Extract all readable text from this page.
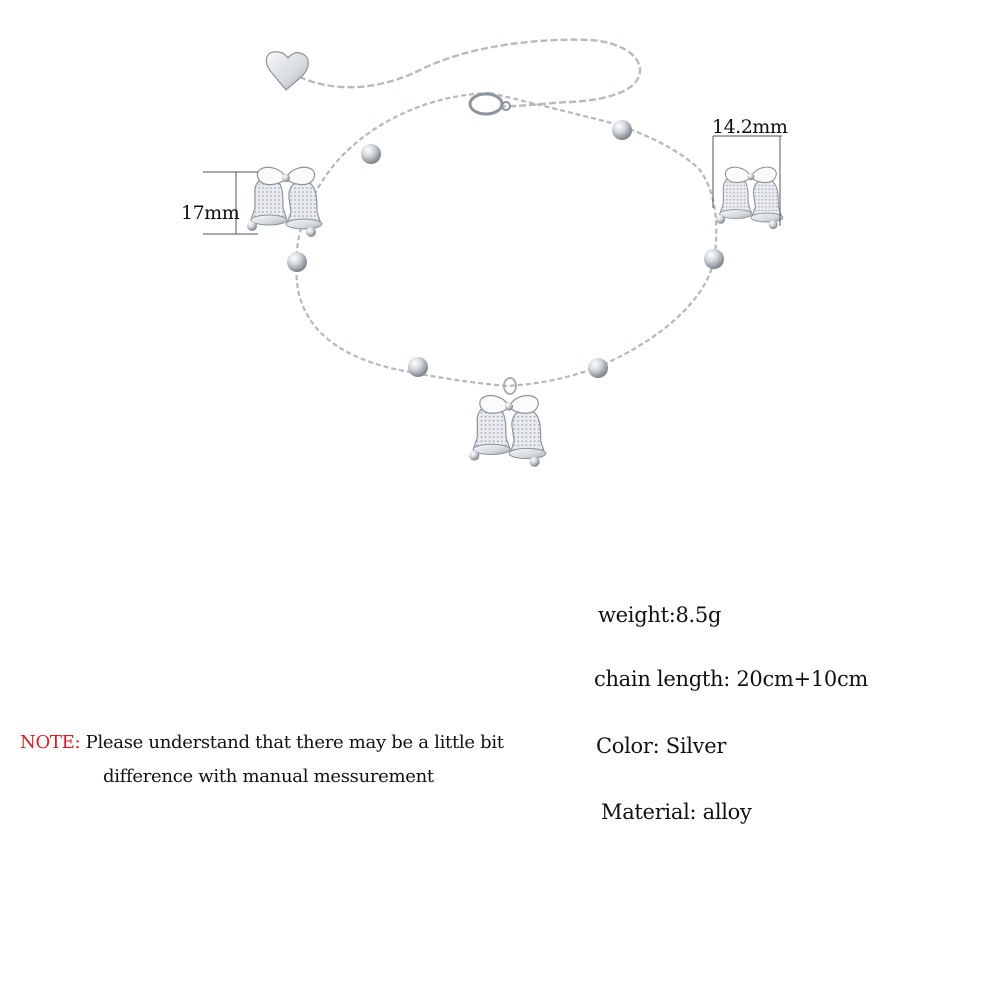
17mm
14.2mm
weight:8.5g
chain length: 20cm+10cm
Color: Silver
Material: alloy
NOTE: Please understand that there may be a little bit
difference with manual messurement
